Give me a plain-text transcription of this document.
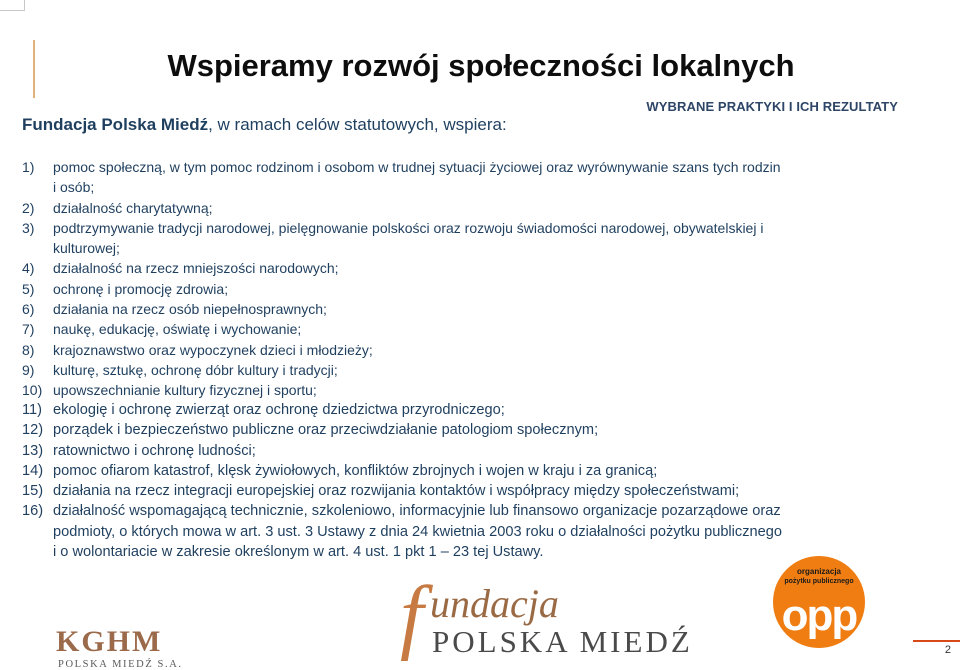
Wspieramy rozwój społeczności lokalnych
Fundacja Polska Miedź, w ramach celów statutowych, wspiera:
WYBRANE PRAKTYKI I ICH REZULTATY
1) pomoc społeczną, w tym pomoc rodzinom i osobom w trudnej sytuacji życiowej oraz wyrównywanie szans tych rodzin i osób;
2) działalność charytatywną;
3) podtrzymywanie tradycji narodowej, pielęgnowanie polskości oraz rozwoju świadomości narodowej, obywatelskiej i kulturowej;
4) działalność na rzecz mniejszości narodowych;
5) ochronę i promocję zdrowia;
6) działania na rzecz osób niepełnosprawnych;
7) naukę, edukację, oświatę i wychowanie;
8) krajoznawstwo oraz wypoczynek dzieci i młodzieży;
9) kulturę, sztukę, ochronę dóbr kultury i tradycji;
10) upowszechnianie kultury fizycznej i sportu;
11) ekologię i ochronę zwierząt oraz ochronę dziedzictwa przyrodniczego;
12) porządek i bezpieczeństwo publiczne oraz przeciwdziałanie patologiom społecznym;
13) ratownictwo i ochronę ludności;
14) pomoc ofiarom katastrof, klęsk żywiołowych, konfliktów zbrojnych i wojen w kraju i za granicą;
15) działania na rzecz integracji europejskiej oraz rozwijania kontaktów i współpracy między społeczeństwami;
16) działalność wspomagającą technicznie, szkoleniowo, informacyjnie lub finansowo organizacje pozarządowe oraz podmioty, o których mowa w art. 3 ust. 3 Ustawy z dnia 24 kwietnia 2003 roku o działalności pożytku publicznego i o wolontariacie w zakresie określonym w art. 4 ust. 1 pkt 1 – 23 tej Ustawy.
KGHM
POLSKA MIEDŹ S.A.
f undacja
POLSKA MIEDŹ
organizacja
pożytku publicznego
opp
2
